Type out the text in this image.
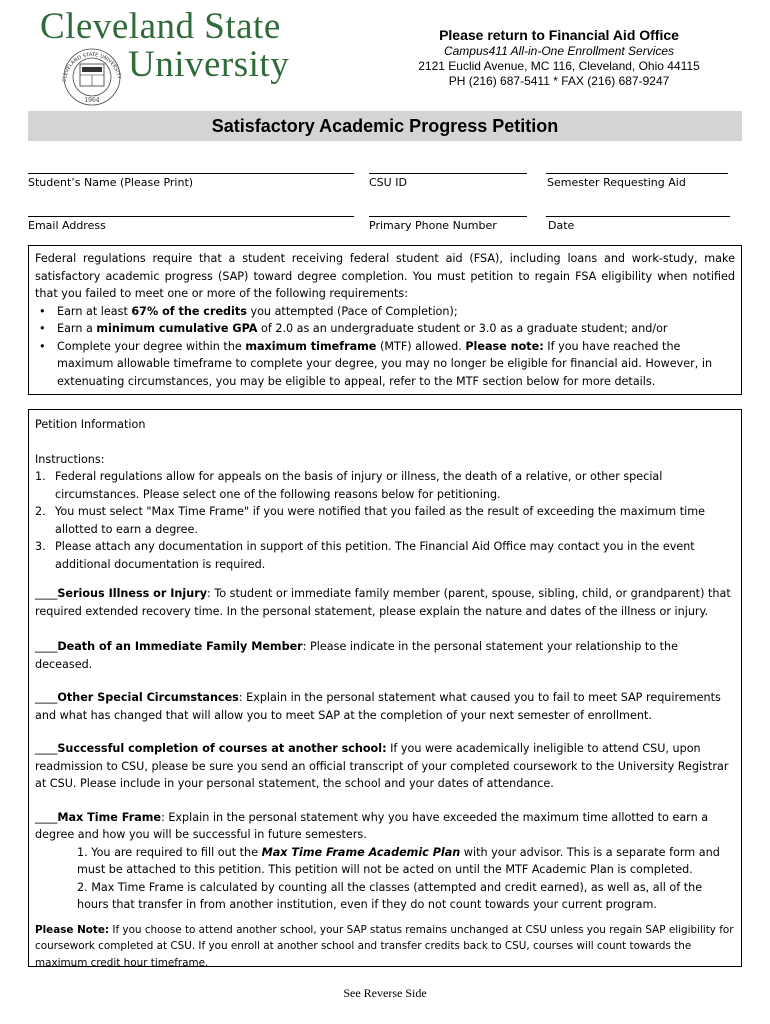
Cleveland State
University
CLEVELAND STATE UNIVERSITY
1964
Please return to Financial Aid Office
Campus411 All-in-One Enrollment Services
2121 Euclid Avenue, MC 116, Cleveland, Ohio 44115
PH (216) 687-5411 * FAX (216) 687-9247
Satisfactory Academic Progress Petition
Student’s Name (Please Print)	CSU ID	Semester Requesting Aid
Email Address	Primary Phone Number	Date

Federal regulations require that a student receiving federal student aid (FSA), including loans and work-study, make satisfactory academic progress (SAP) toward degree completion. You must petition to regain FSA eligibility when notified that you failed to meet one or more of the following requirements:

• Earn at least 67% of the credits you attempted (Pace of Completion);
• Earn a minimum cumulative GPA of 2.0 as an undergraduate student or 3.0 as a graduate student; and/or
• Complete your degree within the maximum timeframe (MTF) allowed. Please note: If you have reached the maximum allowable timeframe to complete your degree, you may no longer be eligible for financial aid. However, in extenuating circumstances, you may be eligible to appeal, refer to the MTF section below for more details.
Petition Information
Instructions:
1. Federal regulations allow for appeals on the basis of injury or illness, the death of a relative, or other special circumstances. Please select one of the following reasons below for petitioning.
2. You must select "Max Time Frame" if you were notified that you failed as the result of exceeding the maximum time allotted to earn a degree.
3. Please attach any documentation in support of this petition. The Financial Aid Office may contact you in the event additional documentation is required.
____Serious Illness or Injury: To student or immediate family member (parent, spouse, sibling, child, or grandparent) that required extended recovery time. In the personal statement, please explain the nature and dates of the illness or injury.
____Death of an Immediate Family Member: Please indicate in the personal statement your relationship to the deceased.
____Other Special Circumstances: Explain in the personal statement what caused you to fail to meet SAP requirements and what has changed that will allow you to meet SAP at the completion of your next semester of enrollment.
____Successful completion of courses at another school: If you were academically ineligible to attend CSU, upon readmission to CSU, please be sure you send an official transcript of your completed coursework to the University Registrar at CSU. Please include in your personal statement, the school and your dates of attendance.
____Max Time Frame: Explain in the personal statement why you have exceeded the maximum time allotted to earn a degree and how you will be successful in future semesters.
1. You are required to fill out the Max Time Frame Academic Plan with your advisor. This is a separate form and must be attached to this petition. This petition will not be acted on until the MTF Academic Plan is completed.
2. Max Time Frame is calculated by counting all the classes (attempted and credit earned), as well as, all of the hours that transfer in from another institution, even if they do not count towards your current program.
Please Note: If you choose to attend another school, your SAP status remains unchanged at CSU unless you regain SAP eligibility for coursework completed at CSU. If you enroll at another school and transfer credits back to CSU, courses will count towards the maximum credit hour timeframe.
See Reverse Side
